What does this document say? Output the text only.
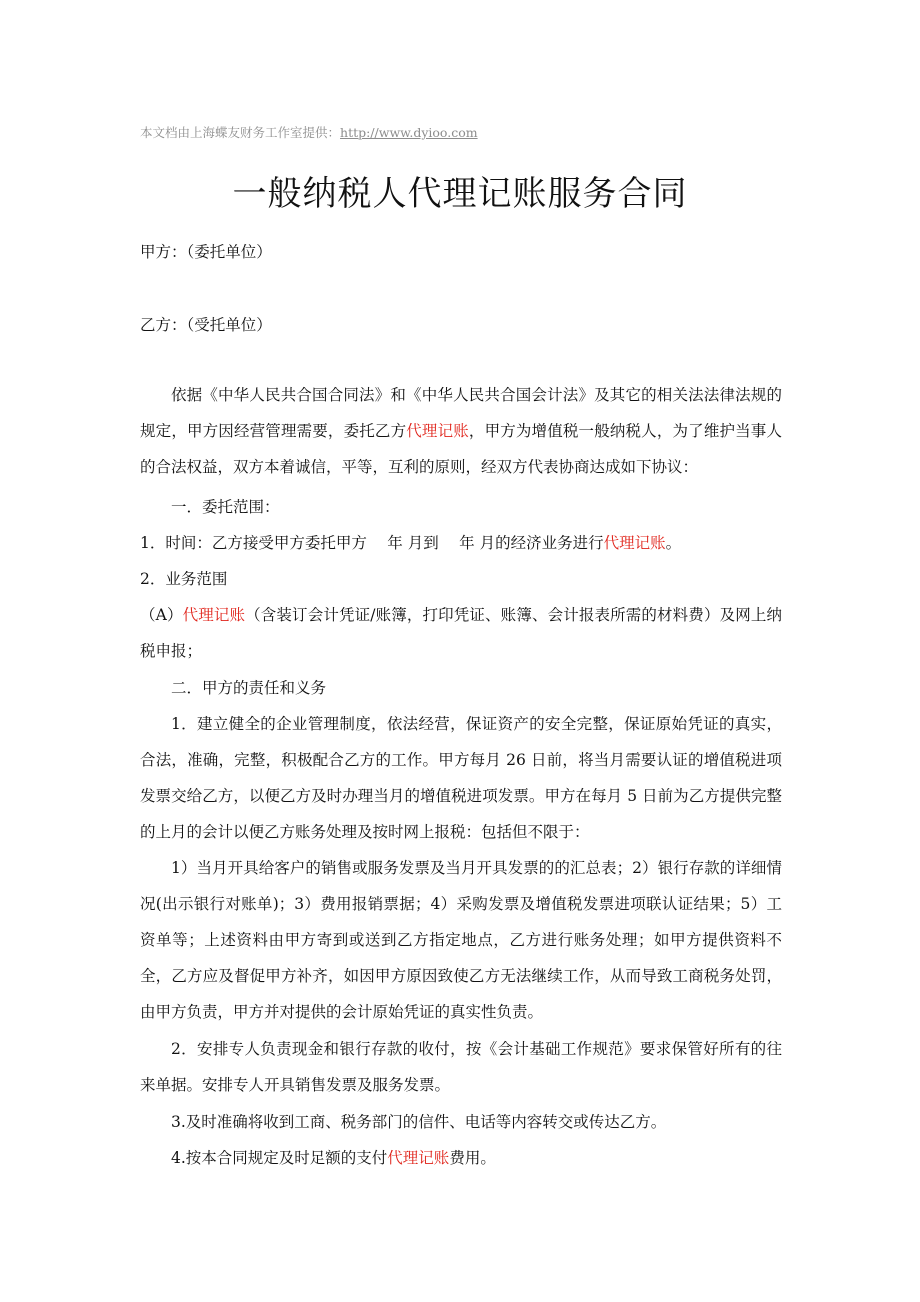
本文档由上海蝶友财务工作室提供：http://www.dyioo.com
一般纳税人代理记账服务合同
甲方：（委托单位）
乙方：（受托单位）
依据《中华人民共合国合同法》和《中华人民共合国会计法》及其它的相关法法律法规的规定，甲方因经营管理需要，委托乙方代理记账，甲方为增值税一般纳税人，为了维护当事人的合法权益，双方本着诚信，平等，互利的原则，经双方代表协商达成如下协议：
一．委托范围：
1．时间：乙方接受甲方委托甲方　 年 月到　 年 月的经济业务进行代理记账。
2．业务范围
（A）代理记账（含装订会计凭证/账簿，打印凭证、账簿、会计报表所需的材料费）及网上纳税申报；
二．甲方的责任和义务
1．建立健全的企业管理制度，依法经营，保证资产的安全完整，保证原始凭证的真实，合法，准确，完整，积极配合乙方的工作。甲方每月 26 日前，将当月需要认证的增值税进项发票交给乙方，以便乙方及时办理当月的增值税进项发票。甲方在每月 5 日前为乙方提供完整的上月的会计以便乙方账务处理及按时网上报税：包括但不限于：
1）当月开具给客户的销售或服务发票及当月开具发票的的汇总表；2）银行存款的详细情况(出示银行对账单)；3）费用报销票据；4）采购发票及增值税发票进项联认证结果；5）工资单等；上述资料由甲方寄到或送到乙方指定地点，乙方进行账务处理；如甲方提供资料不全，乙方应及督促甲方补齐，如因甲方原因致使乙方无法继续工作，从而导致工商税务处罚，由甲方负责，甲方并对提供的会计原始凭证的真实性负责。
2．安排专人负责现金和银行存款的收付，按《会计基础工作规范》要求保管好所有的往来单据。安排专人开具销售发票及服务发票。
3.及时准确将收到工商、税务部门的信件、电话等内容转交或传达乙方。
4.按本合同规定及时足额的支付代理记账费用。
